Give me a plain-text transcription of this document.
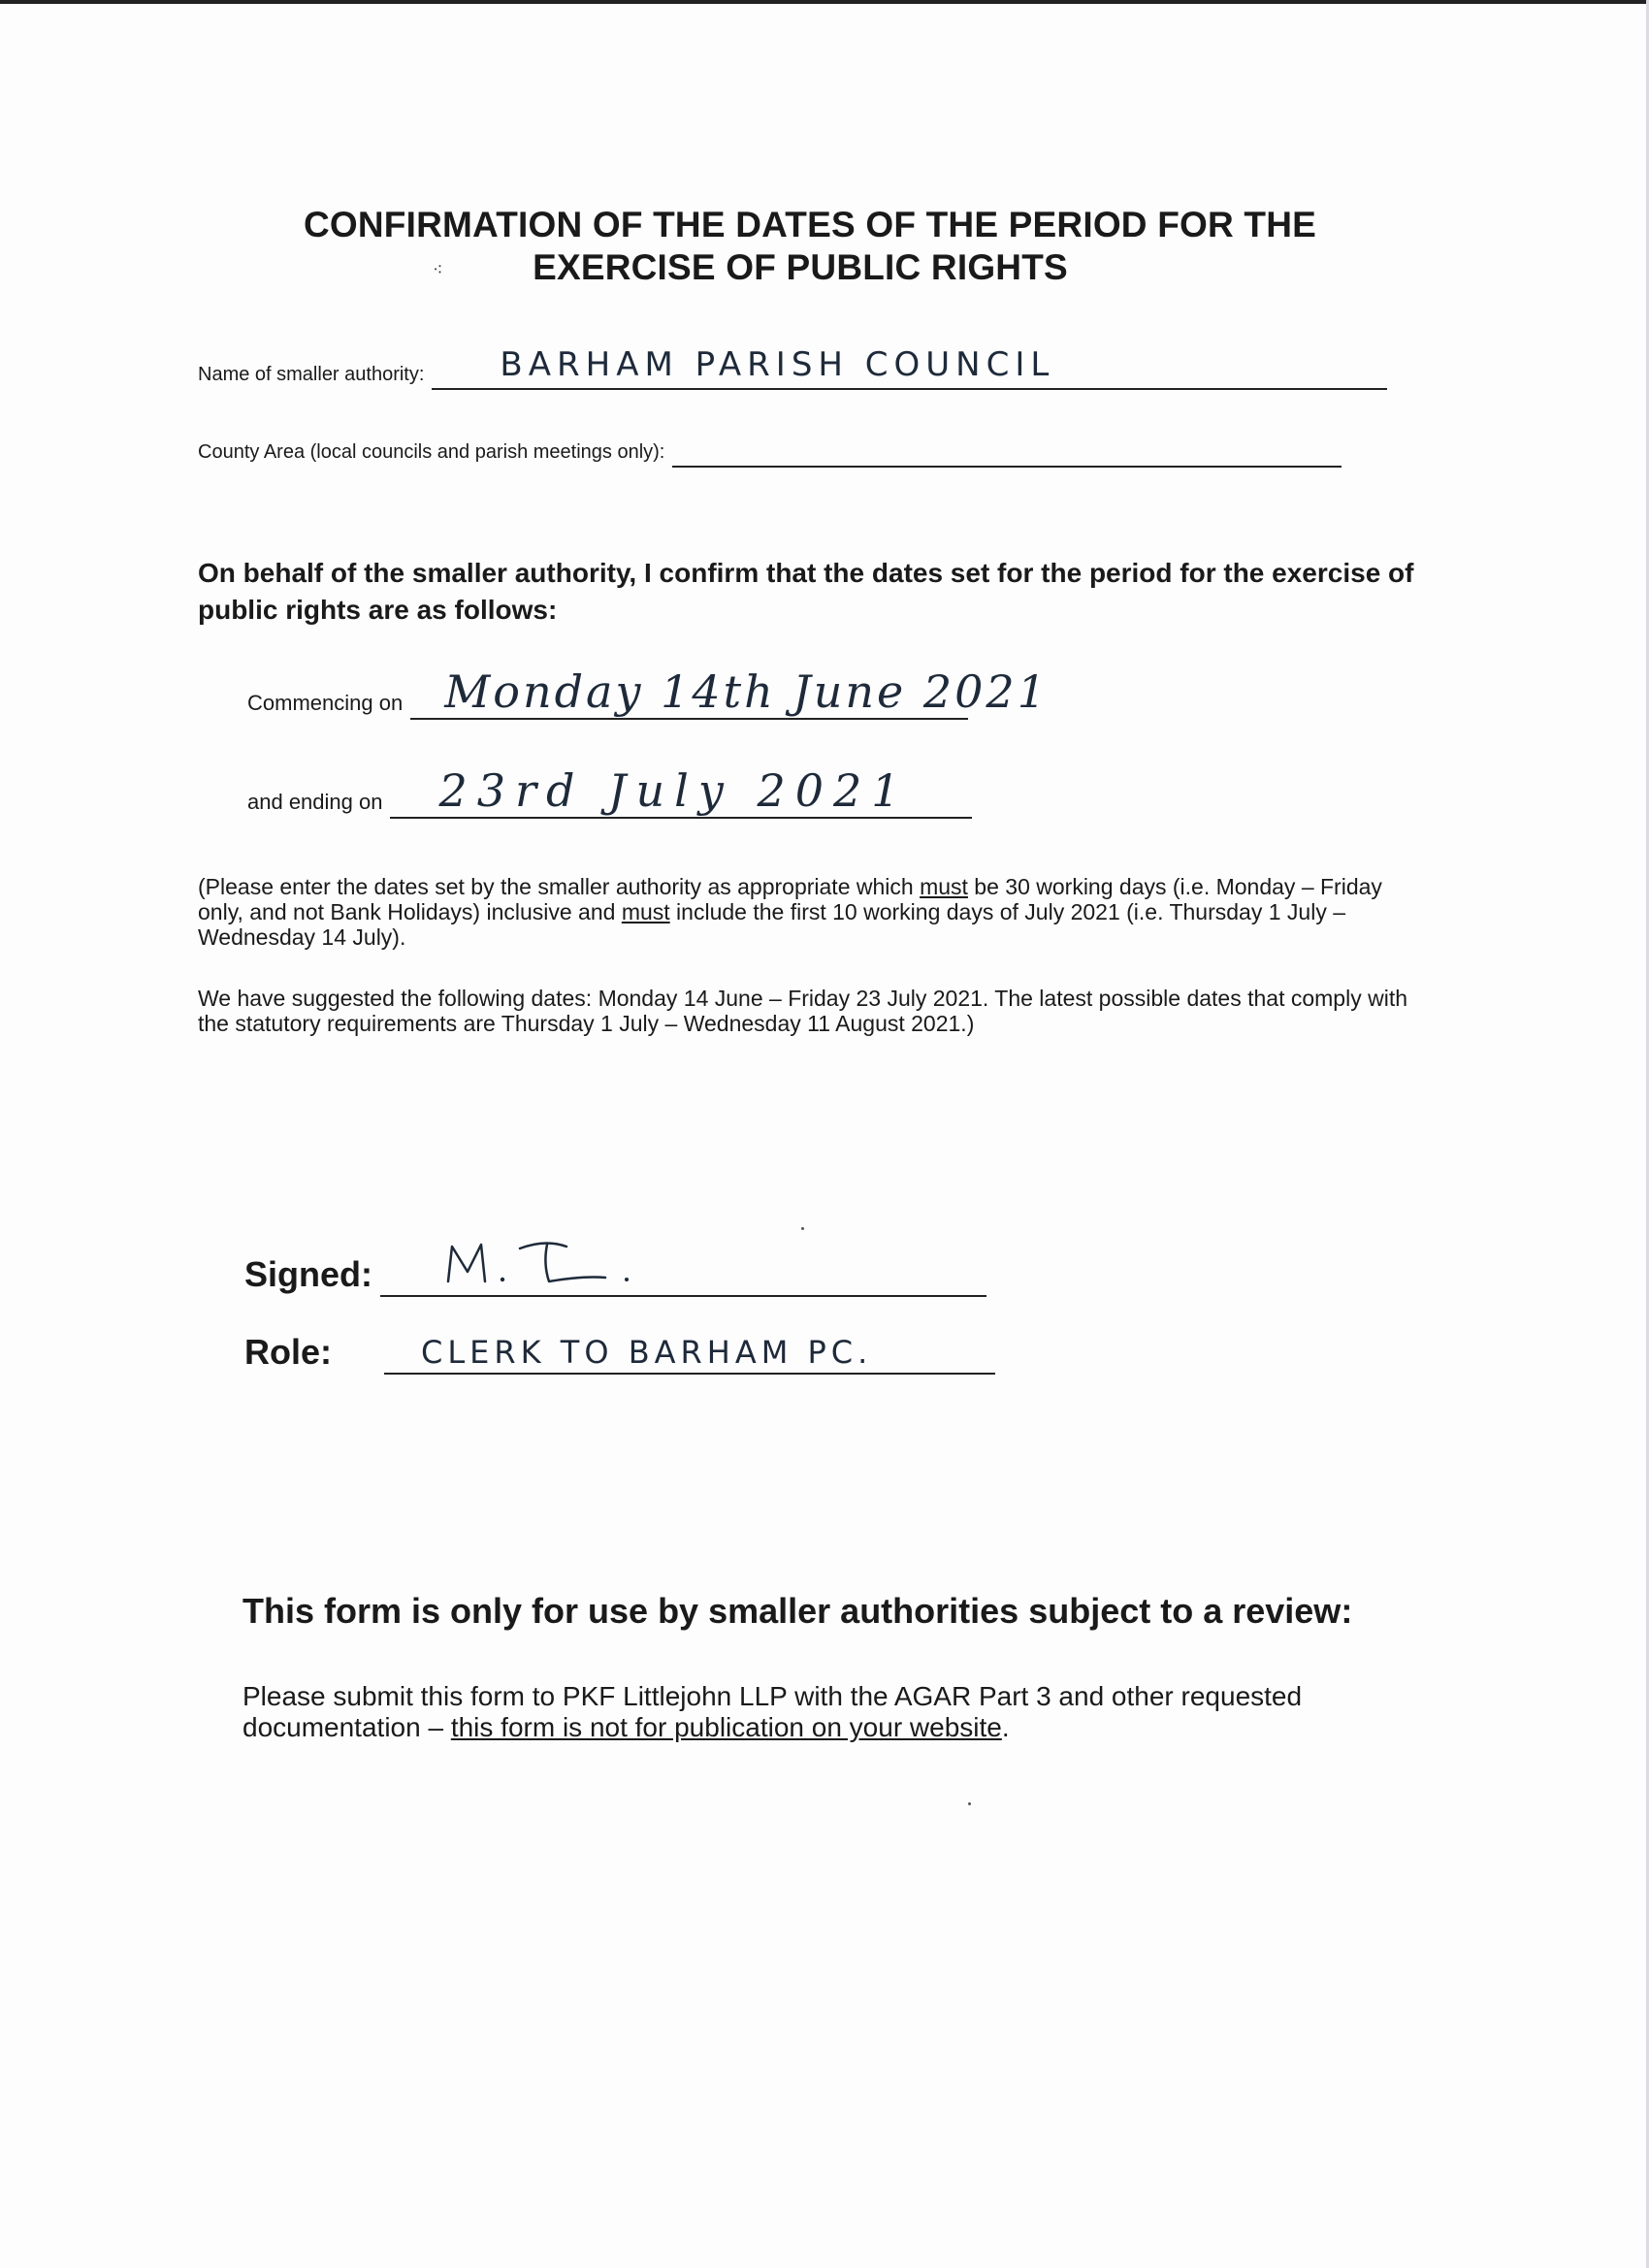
CONFIRMATION OF THE DATES OF THE PERIOD FOR THE
EXERCISE OF PUBLIC RIGHTS
⁖
Name of smaller authority: BARHAM PARISH COUNCIL
County Area (local councils and parish meetings only):
On behalf of the smaller authority, I confirm that the dates set for the period for the exercise of public rights are as follows:
Commencing on Monday 14th June 2021
and ending on 23rd July 2021
(Please enter the dates set by the smaller authority as appropriate which must be 30 working days (i.e. Monday – Friday only, and not Bank Holidays) inclusive and must include the first 10 working days of July 2021 (i.e. Thursday 1 July – Wednesday 14 July).
We have suggested the following dates: Monday 14 June – Friday 23 July 2021. The latest possible dates that comply with the statutory requirements are Thursday 1 July – Wednesday 11 August 2021.)
Signed:
Role:	CLERK TO BARHAM PC.
This form is only for use by smaller authorities subject to a review:
Please submit this form to PKF Littlejohn LLP with the AGAR Part 3 and other requested documentation – this form is not for publication on your website.
